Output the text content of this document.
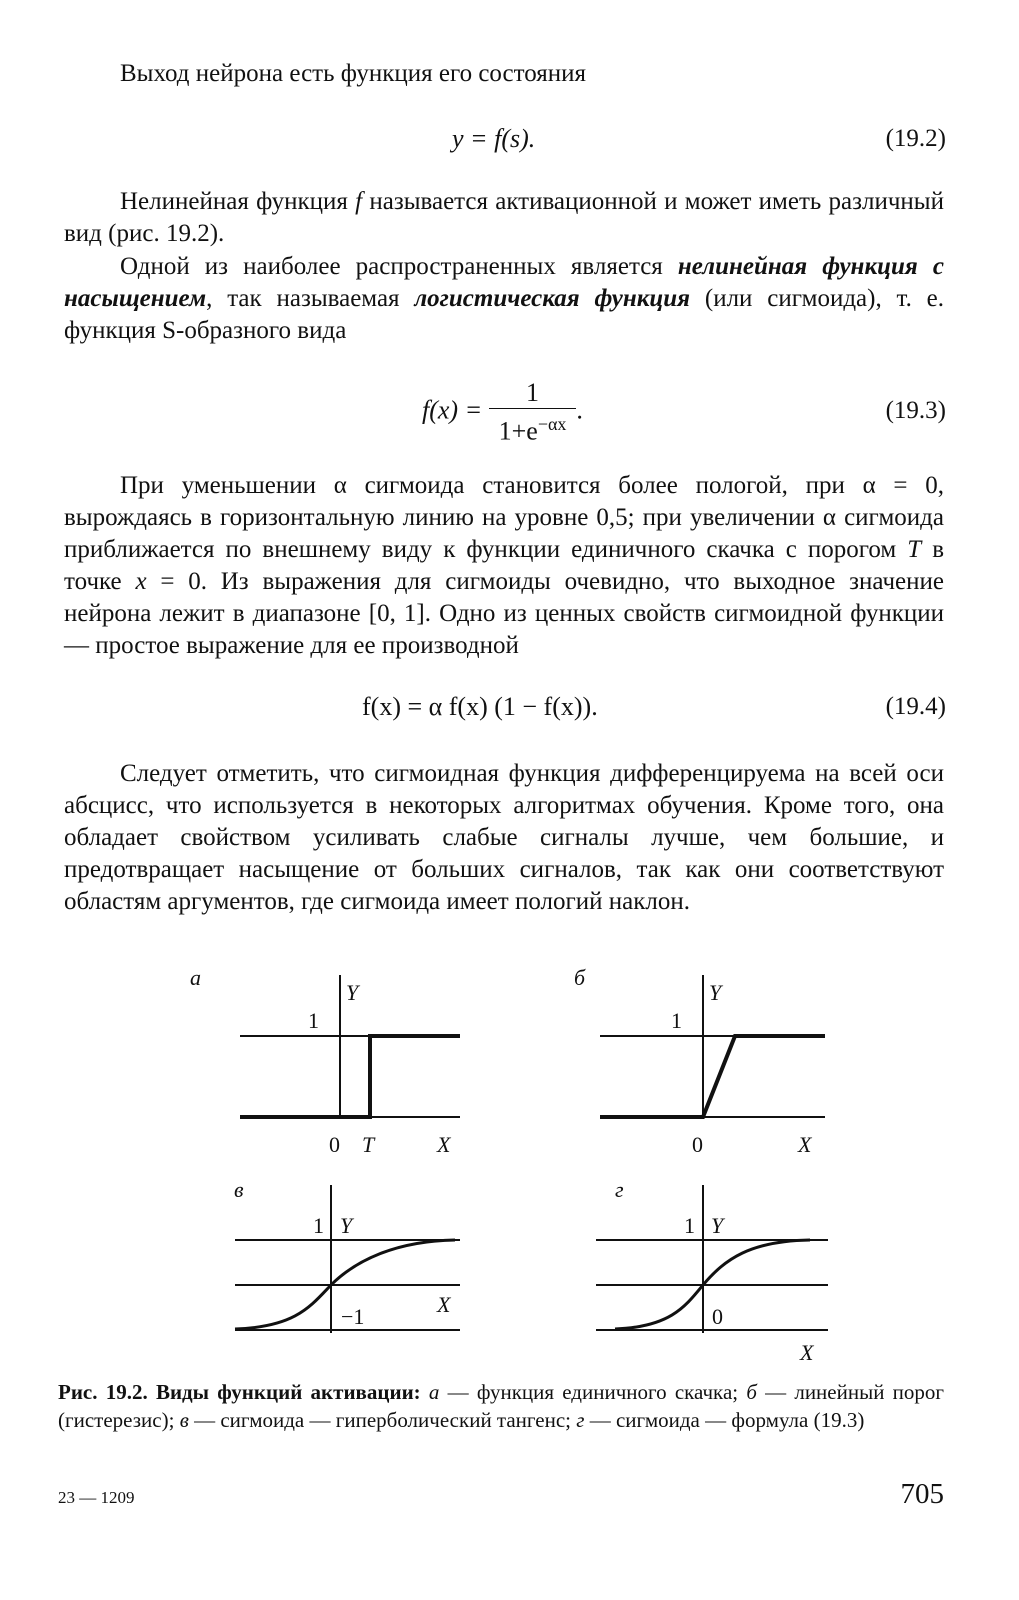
Выход нейрона есть функция его состояния

y = f(s).	(19.2)

Нелинейная функция f называется активационной и может иметь различный вид (рис. 19.2).

Одной из наиболее распространенных является нелинейная функция с насыщением, так называемая логистическая функция (или сигмоида), т. е. функция S-образного вида

$f(x) = \frac{1}{1+e^{-\alpha x}}$ .	(19.3)

При уменьшении α сигмоида становится более пологой, при α = 0, вырождаясь в горизонтальную линию на уровне 0,5; при увеличении α сигмоида приближается по внешнему виду к функции единичного скачка с порогом T в точке x = 0. Из выражения для сигмоиды очевидно, что выходное значение нейрона лежит в диапазоне [0, 1]. Одно из ценных свойств сигмоидной функции — простое выражение для ее производной

f(x) = α f(x) (1 − f(x)).	(19.4)

Следует отметить, что сигмоидная функция дифференцируема на всей оси абсцисс, что используется в некоторых алгоритмах обучения. Кроме того, она обладает свойством усиливать слабые сигналы лучше, чем большие, и предотвращает насыщение от больших сигналов, так как они соответствуют областям аргументов, где сигмоида имеет пологий наклон.

а
Y
1
0 T	X
б
Y
1
0	X
в
1 Y
−1	X
г
1 Y
0
X

Рис. 19.2. Виды функций активации: а — функция единичного скачка; б — линейный порог (гистерезис); в — сигмоида — гиперболический тангенс; г — сигмоида — формула (19.3)

23 — 1209	705
